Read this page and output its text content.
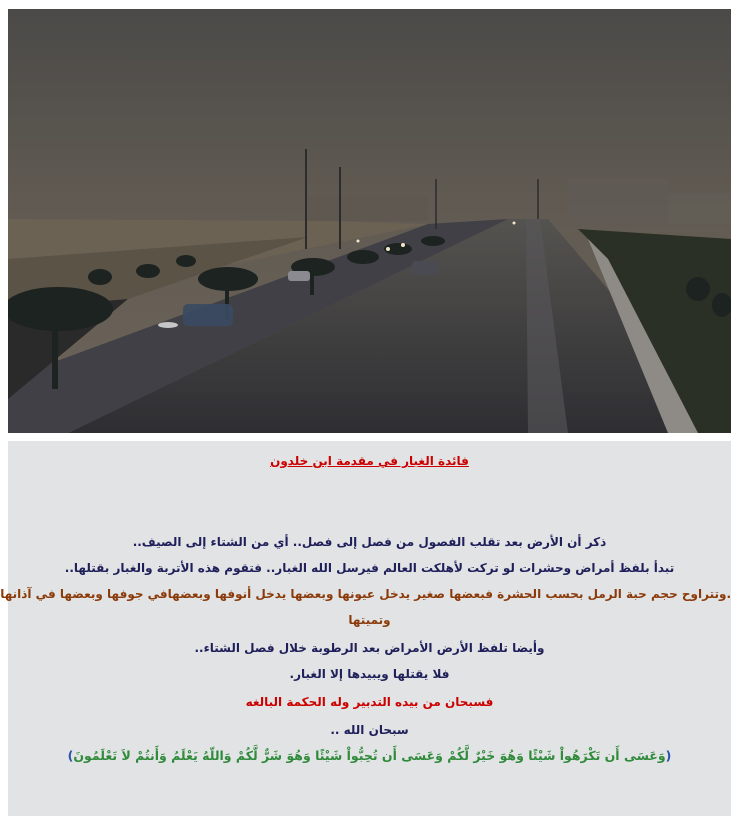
فائدة الغبار في مقدمة ابن خلدون
ذكر أن الأرض بعد تقلب الفصول من فصل إلى فصل.. أي من الشتاء إلى الصيف..
تبدأ بلفظ أمراض وحشرات لو تركت لأهلكت العالم فيرسل الله الغبار.. فتقوم هذه الأتربة والغبار بقتلها..
.وتتراوح حجم حبة الرمل بحسب الحشرة فبعضها صغير يدخل عيونها وبعضها يدخل أنوفها وبعضهافي جوفها وبعضها في آذانها
وتميتها
وأيضا تلفظ الأرض الأمراض بعد الرطوبة خلال فصل الشتاء..
فلا يقتلها ويبيدها إلا الغبار.
فسبحان من بيده التدبير وله الحكمة البالغه
سبحان الله ..
(وَعَسَى أَن تَكْرَهُواْ شَيْئًا وَهُوَ خَيْرٌ لَّكُمْ وَعَسَى أَن تُحِبُّواْ شَيْئًا وَهُوَ شَرٌّ لَّكُمْ وَاللّهُ يَعْلَمُ وَأَنتُمْ لاَ تَعْلَمُونَ)
